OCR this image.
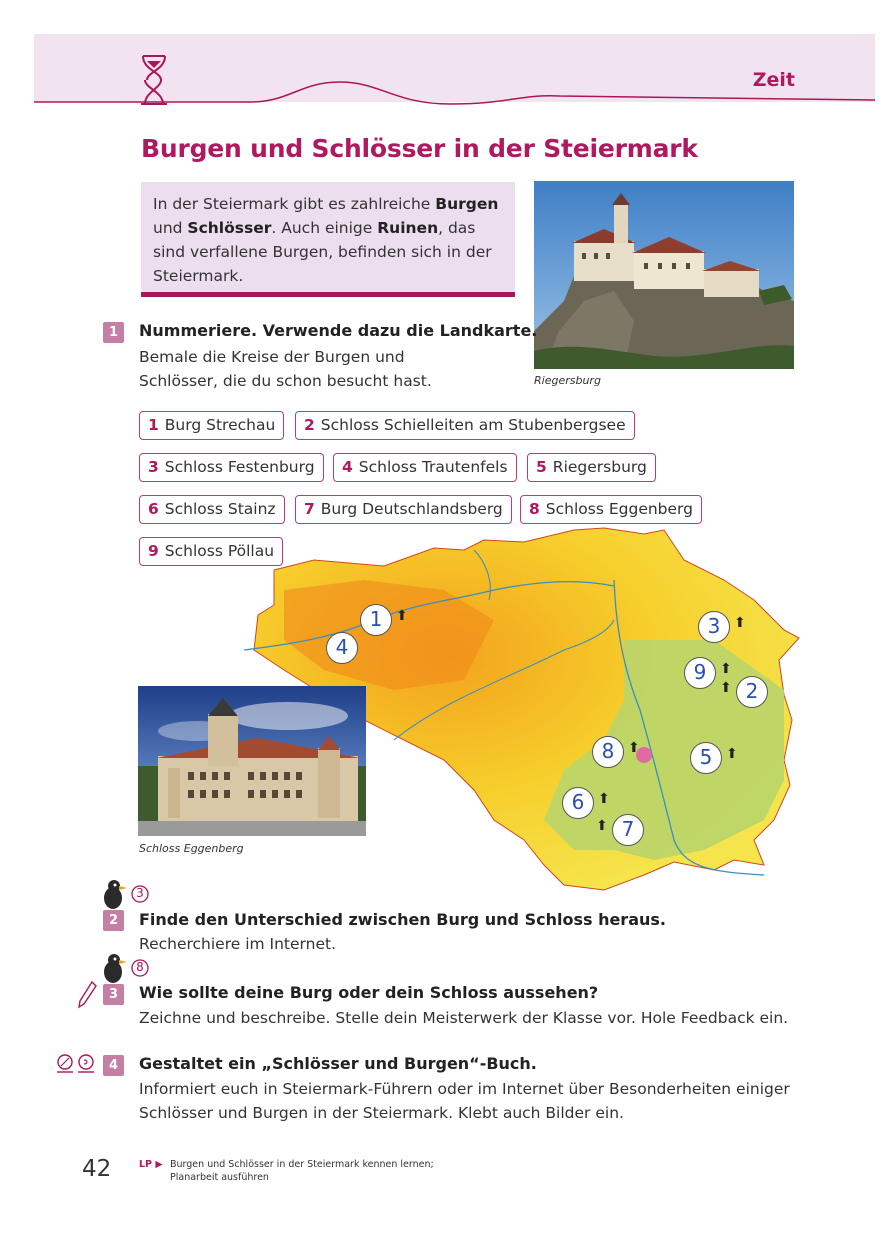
Zeit
Burgen und Schlösser in der Steiermark
In der Steiermark gibt es zahlreiche Burgen und Schlösser. Auch einige Ruinen, das sind verfallene Burgen, befinden sich in der Steiermark.
Riegersburg
1	Nummeriere. Verwende dazu die Landkarte.
Bemale die Kreise der Burgen und
Schlösser, die du schon besucht hast.
1 ⬆
4
3 ⬆
9 ⬆
2
⬆
8 ⬆	5 ⬆
6 ⬆
7
⬆
1 Burg Strechau	2 Schloss Schielleiten am Stubenbergsee
3 Schloss Festenburg	4 Schloss Trautenfels	5 Riegersburg
6 Schloss Stainz	7 Burg Deutschlandsberg	8 Schloss Eggenberg
9 Schloss Pöllau
Schloss Eggenberg
3
2	Finde den Unterschied zwischen Burg und Schloss heraus.
Recherchiere im Internet.
8
3	Wie sollte deine Burg oder dein Schloss aussehen?
Zeichne und beschreibe. Stelle dein Meisterwerk der Klasse vor. Hole Feedback ein.
4	Gestaltet ein „Schlösser und Burgen“-Buch.
Informiert euch in Steiermark-Führern oder im Internet über Besonderheiten einiger
Schlösser und Burgen in der Steiermark. Klebt auch Bilder ein.
42	LP ▶ Burgen und Schlösser in der Steiermark kennen lernen;
Planarbeit ausführen
